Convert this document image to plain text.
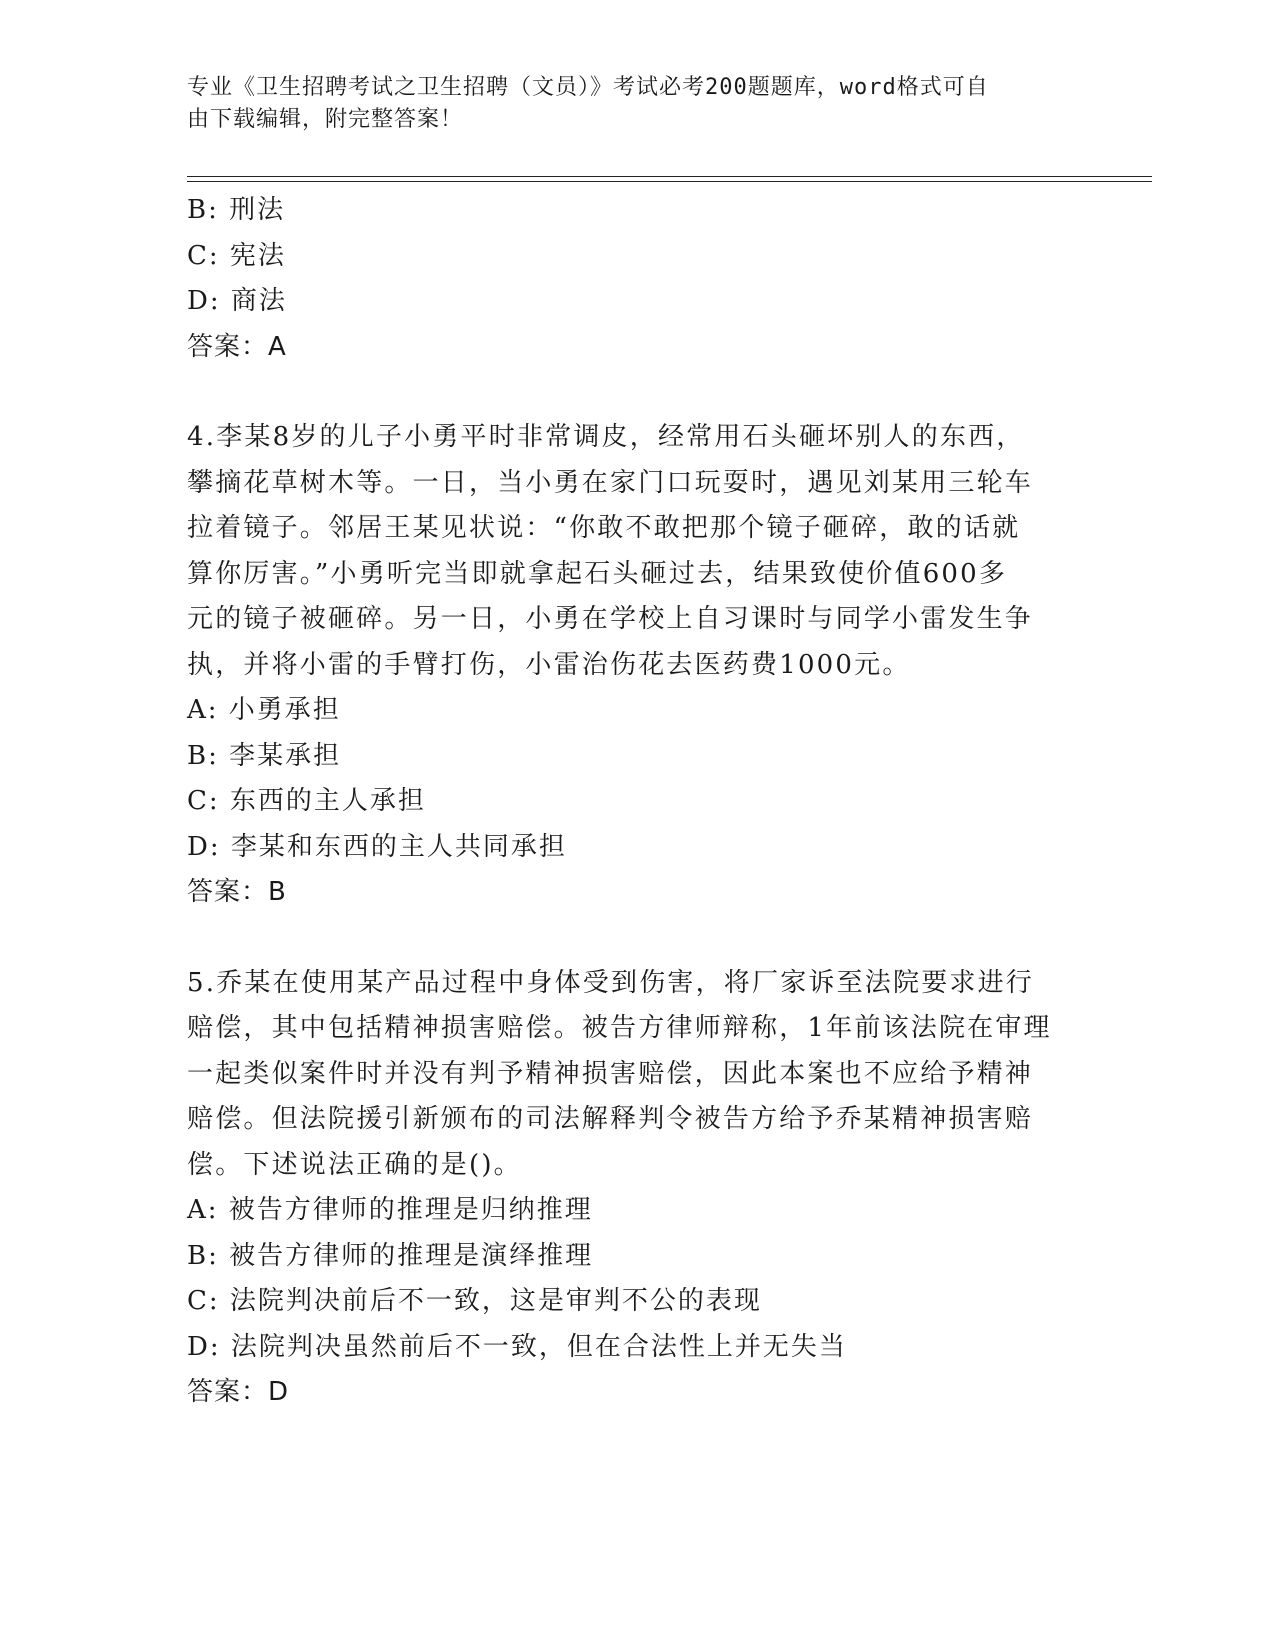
专业《卫生招聘考试之卫生招聘（文员）》考试必考200题题库，word格式可自
由下载编辑，附完整答案！
B: 刑法
C: 宪法
D: 商法
答案：A
4.李某8岁的儿子小勇平时非常调皮，经常用石头砸坏别人的东西，
攀摘花草树木等。一日，当小勇在家门口玩耍时，遇见刘某用三轮车
拉着镜子。邻居王某见状说：“你敢不敢把那个镜子砸碎，敢的话就
算你厉害。”小勇听完当即就拿起石头砸过去，结果致使价值600多
元的镜子被砸碎。另一日，小勇在学校上自习课时与同学小雷发生争
执，并将小雷的手臂打伤，小雷治伤花去医药费1000元。
A: 小勇承担
B: 李某承担
C: 东西的主人承担
D: 李某和东西的主人共同承担
答案：B
5.乔某在使用某产品过程中身体受到伤害，将厂家诉至法院要求进行
赔偿，其中包括精神损害赔偿。被告方律师辩称，1年前该法院在审理
一起类似案件时并没有判予精神损害赔偿，因此本案也不应给予精神
赔偿。但法院援引新颁布的司法解释判令被告方给予乔某精神损害赔
偿。下述说法正确的是()。
A: 被告方律师的推理是归纳推理
B: 被告方律师的推理是演绎推理
C: 法院判决前后不一致，这是审判不公的表现
D: 法院判决虽然前后不一致，但在合法性上并无失当
答案：D
